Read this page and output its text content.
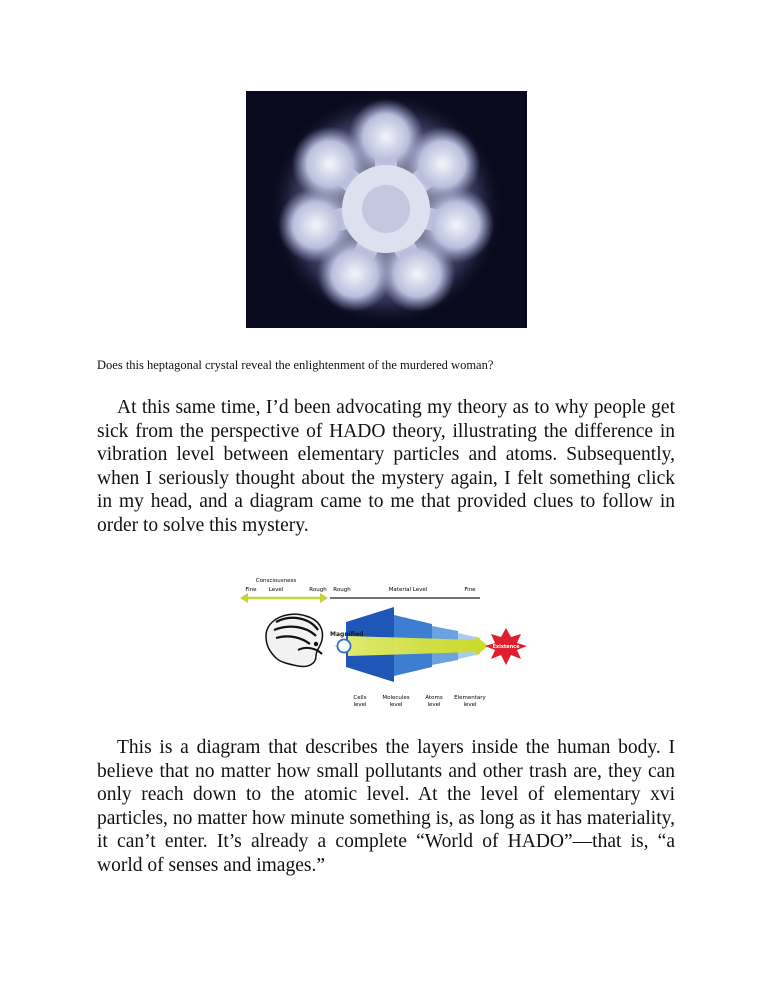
Does this heptagonal crystal reveal the enlightenment of the murdered woman?

At this same time, I’d been advocating my theory as to why people get sick from the perspective of HADO theory, illustrating the difference in vibration level between elementary particles and atoms. Subsequently, when I seriously thought about the mystery again, I felt something click in my head, and a diagram came to me that provided clues to follow in order to solve this mystery.

Consciousness
Fine Level	Rough Rough	Material Level	Fine
Magnified
Existence
Cells
level
Molecules
level
Atoms
level
Elementary
level

This is a diagram that describes the layers inside the human body. I believe that no matter how small pollutants and other trash are, they can only reach down to the atomic level. At the level of elementary xvi particles, no matter how minute something is, as long as it has materiality, it can’t enter. It’s already a complete “World of HADO”—that is, “a world of senses and images.”
